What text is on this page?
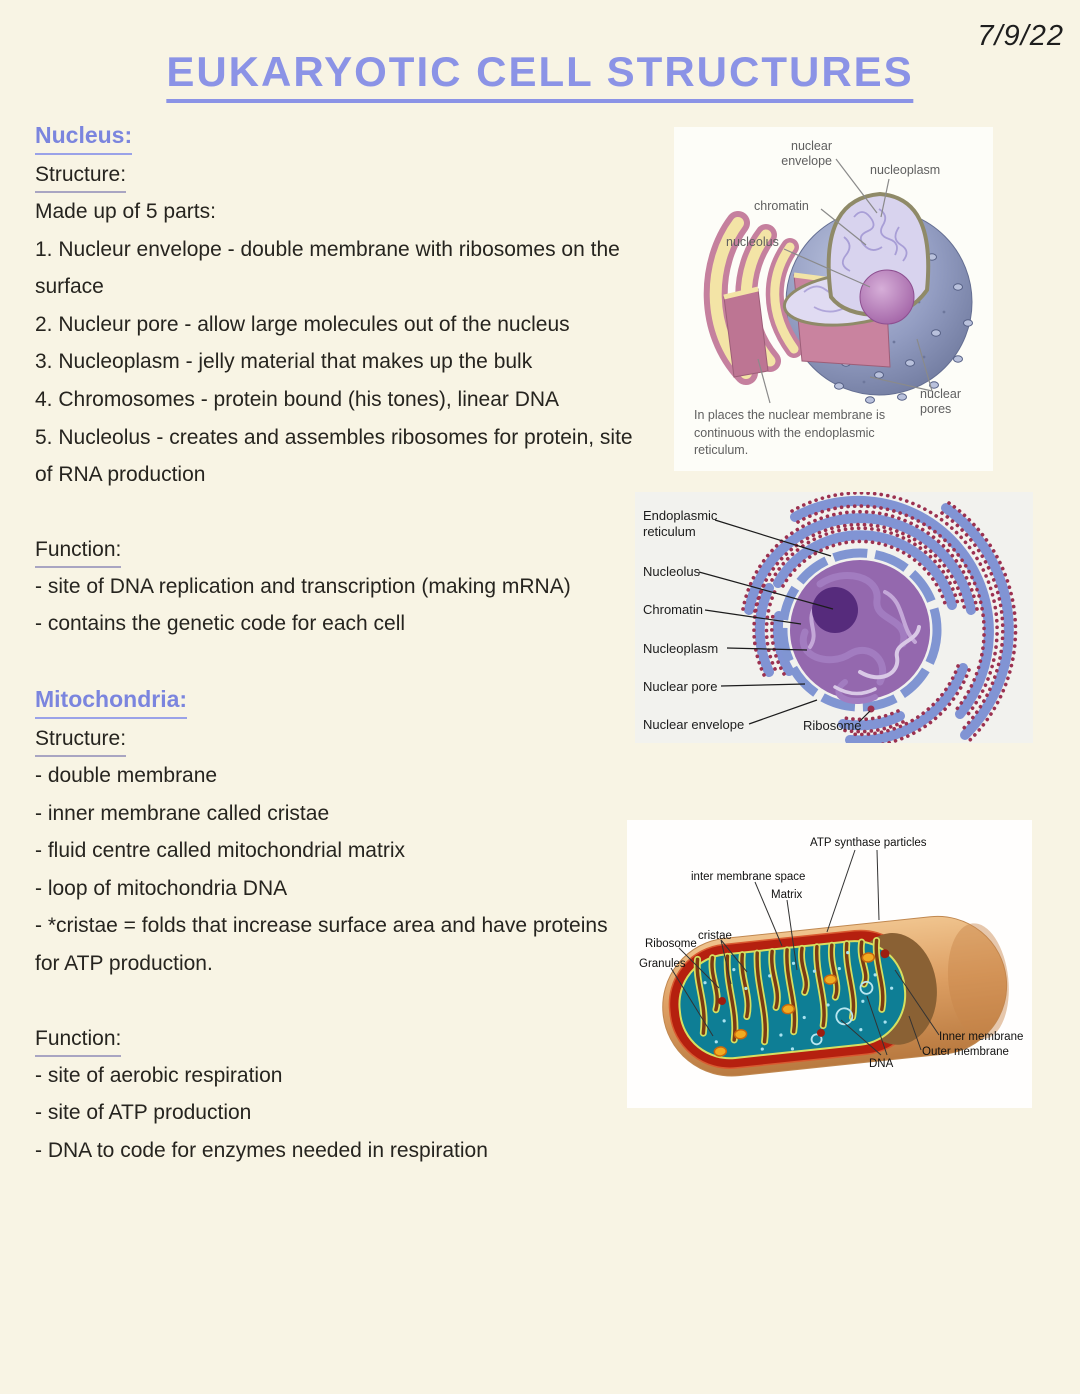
7/9/22
EUKARYOTIC CELL STRUCTURES
Nucleus:
Structure:
Made up of 5 parts:
1. Nucleur envelope - double membrane with ribosomes on the surface
2. Nucleur pore - allow large molecules out of the nucleus
3. Nucleoplasm - jelly material that makes up the bulk
4. Chromosomes - protein bound (his tones), linear DNA
5. Nucleolus - creates and assembles ribosomes for protein, site of RNA production
Function:
- site of DNA replication and transcription (making mRNA)
- contains the genetic code for each cell
Mitochondria:
Structure:
- double membrane
- inner membrane called cristae
- fluid centre called mitochondrial matrix
- loop of mitochondria DNA
- *cristae = folds that increase surface area and have proteins for ATP production.
Function:
- site of aerobic respiration
- site of ATP production
- DNA to code for enzymes needed in respiration
nuclear envelope
nucleoplasm
chromatin
nucleolus
nuclear pores
In places the nuclear membrane is continuous with the endoplasmic reticulum.
Endoplasmic reticulum
Nucleolus
Chromatin
Nucleoplasm
Nuclear pore
Nuclear envelope	Ribosome
ATP synthase particles
inter membrane space
Matrix
cristae
Ribosome
Granules
Inner membrane
Outer membrane
DNA
